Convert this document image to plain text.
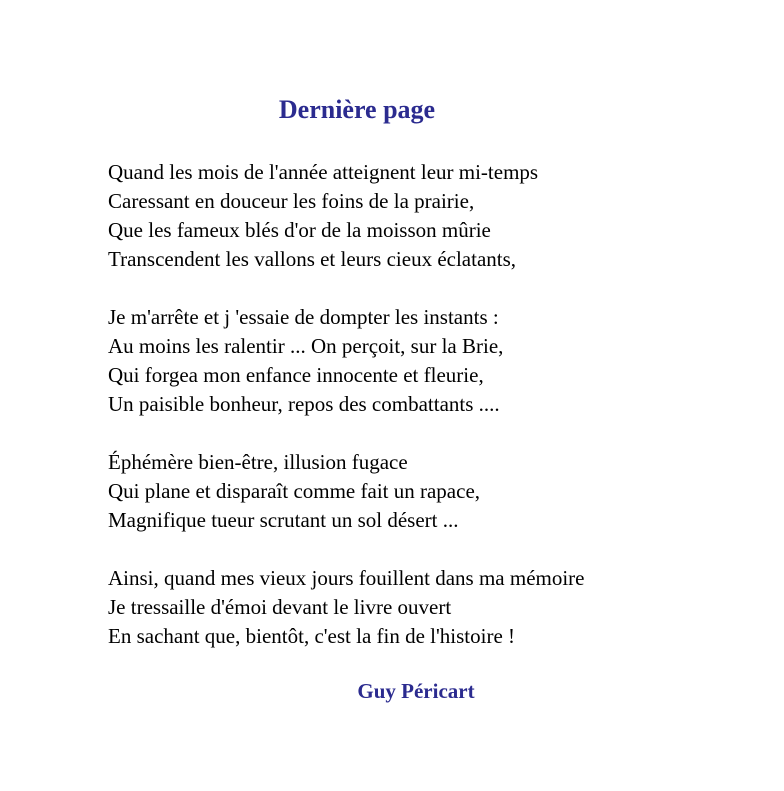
Dernière page
Quand les mois de l'année atteignent leur mi-temps
Caressant en douceur les foins de la prairie,
Que les fameux blés d'or de la moisson mûrie
Transcendent les vallons et leurs cieux éclatants,
Je m'arrête et j 'essaie de dompter les instants :
Au moins les ralentir ... On perçoit, sur la Brie,
Qui forgea mon enfance innocente et fleurie,
Un paisible bonheur, repos des combattants ....
Éphémère bien-être, illusion fugace
Qui plane et disparaît comme fait un rapace,
Magnifique tueur scrutant un sol désert ...
Ainsi, quand mes vieux jours fouillent dans ma mémoire
Je tressaille d'émoi devant le livre ouvert
En sachant que, bientôt, c'est la fin de l'histoire !
Guy Péricart
